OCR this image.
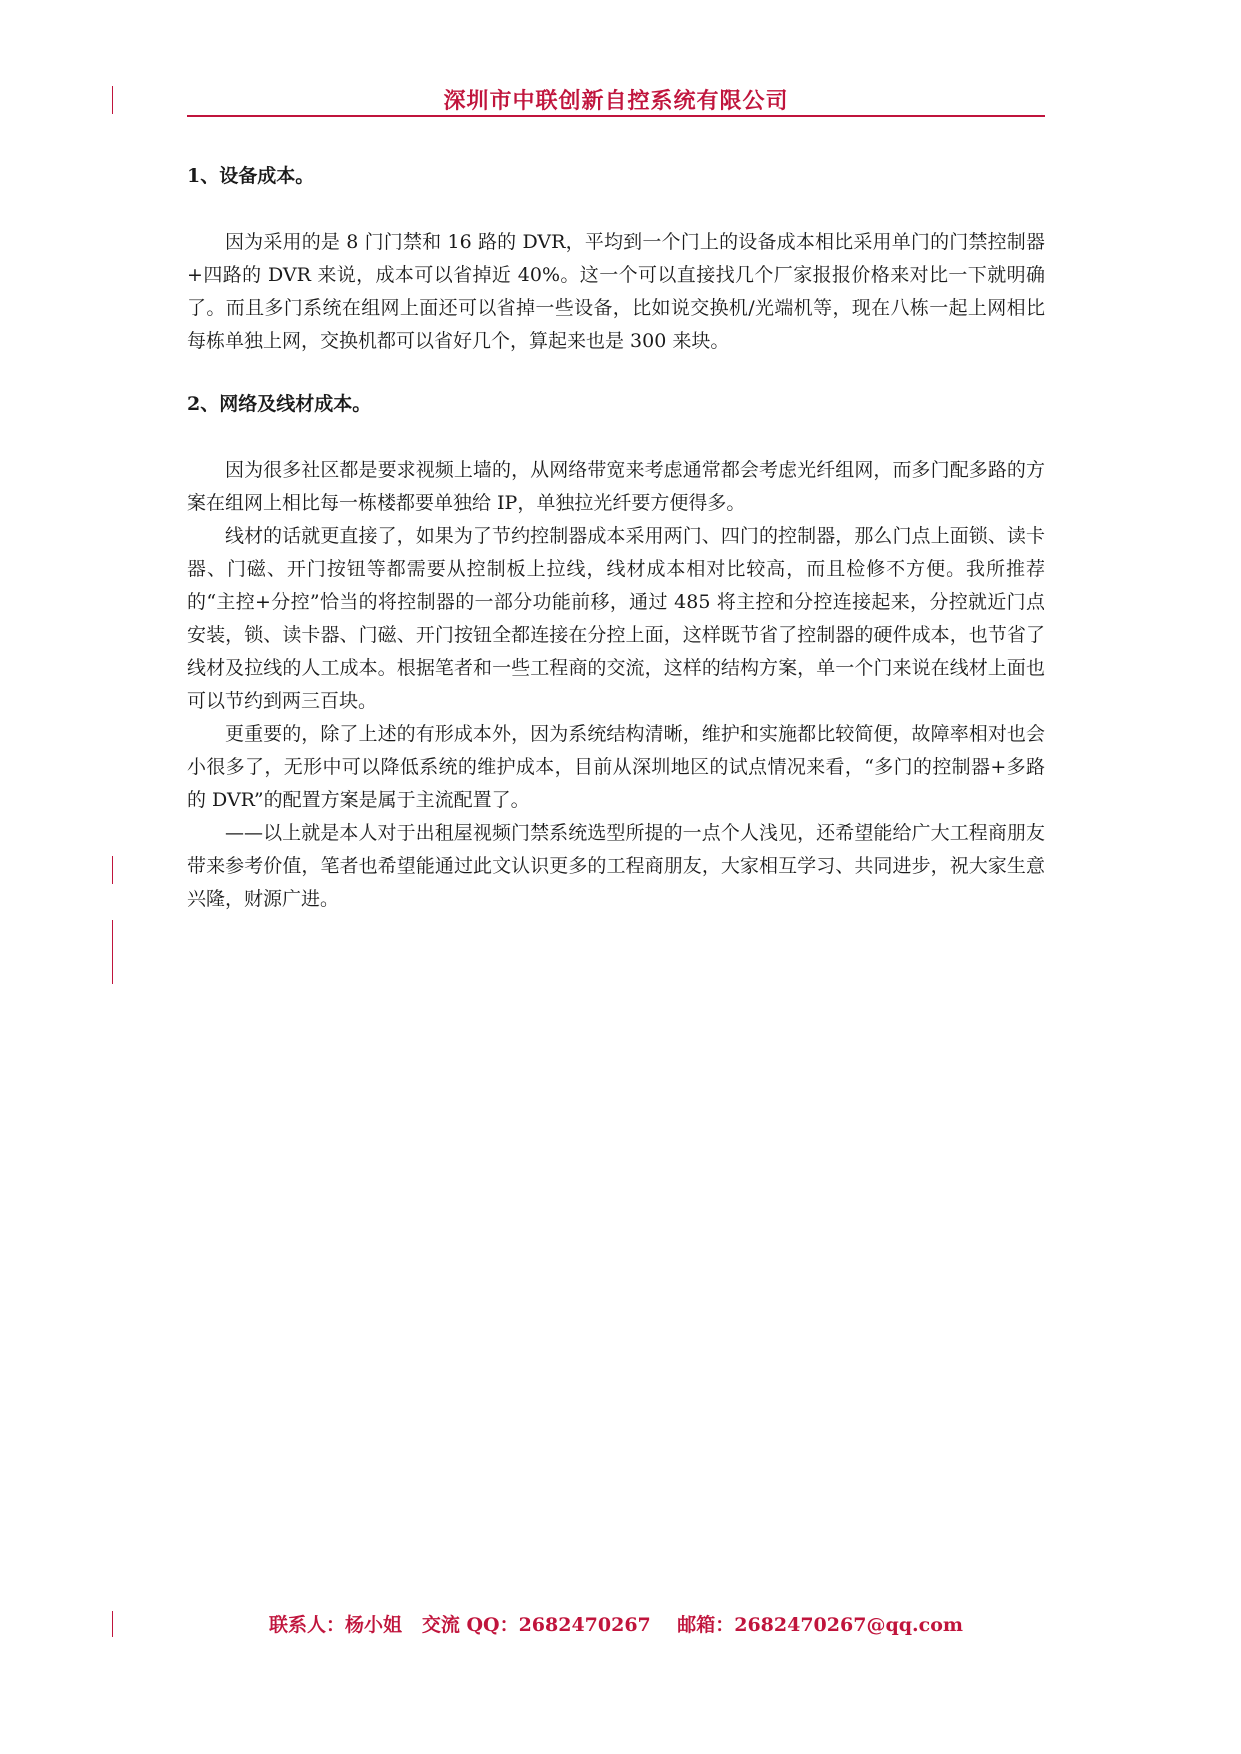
深圳市中联创新自控系统有限公司
1、设备成本。

因为采用的是 8 门门禁和 16 路的 DVR，平均到一个门上的设备成本相比采用单门的门禁控制器+四路的 DVR 来说，成本可以省掉近 40%。这一个可以直接找几个厂家报报价格来对比一下就明确了。而且多门系统在组网上面还可以省掉一些设备，比如说交换机/光端机等，现在八栋一起上网相比每栋单独上网，交换机都可以省好几个，算起来也是 300 来块。

2、网络及线材成本。

因为很多社区都是要求视频上墙的，从网络带宽来考虑通常都会考虑光纤组网，而多门配多路的方案在组网上相比每一栋楼都要单独给 IP，单独拉光纤要方便得多。

线材的话就更直接了，如果为了节约控制器成本采用两门、四门的控制器，那么门点上面锁、读卡器、门磁、开门按钮等都需要从控制板上拉线，线材成本相对比较高，而且检修不方便。我所推荐的“主控+分控”恰当的将控制器的一部分功能前移，通过 485 将主控和分控连接起来，分控就近门点安装，锁、读卡器、门磁、开门按钮全都连接在分控上面，这样既节省了控制器的硬件成本，也节省了线材及拉线的人工成本。根据笔者和一些工程商的交流，这样的结构方案，单一个门来说在线材上面也可以节约到两三百块。

更重要的，除了上述的有形成本外，因为系统结构清晰，维护和实施都比较简便，故障率相对也会小很多了，无形中可以降低系统的维护成本，目前从深圳地区的试点情况来看，“多门的控制器+多路的 DVR”的配置方案是属于主流配置了。

——以上就是本人对于出租屋视频门禁系统选型所提的一点个人浅见，还希望能给广大工程商朋友带来参考价值，笔者也希望能通过此文认识更多的工程商朋友，大家相互学习、共同进步，祝大家生意兴隆，财源广进。

联系人：杨小姐   交流 QQ：2682470267    邮箱：2682470267@qq.com
